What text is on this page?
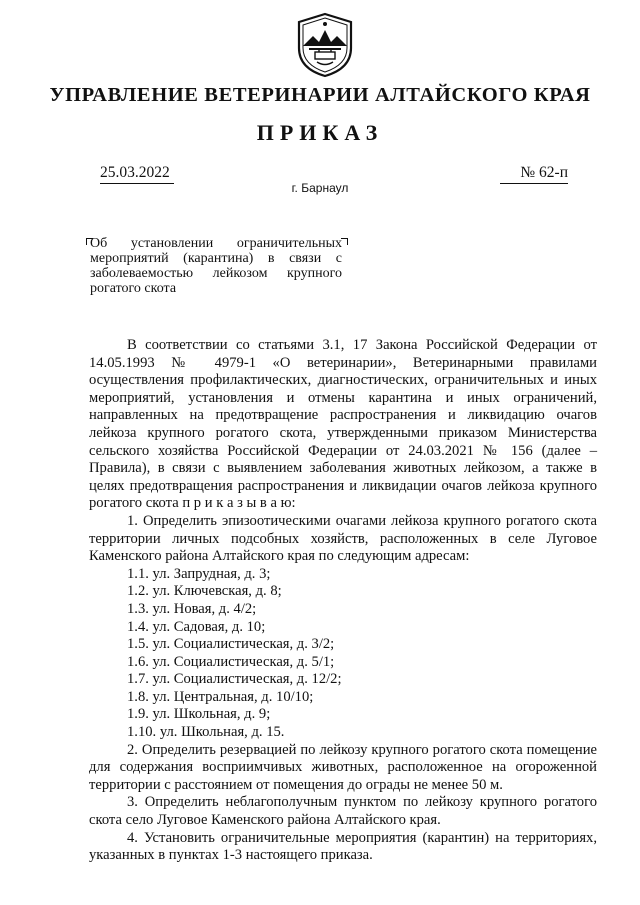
УПРАВЛЕНИЕ ВЕТЕРИНАРИИ АЛТАЙСКОГО КРАЯ
ПРИКАЗ
25.03.2022	№ 62-п
г. Барнаул
Об установлении ограничительных мероприятий (карантина) в связи с заболеваемостью лейкозом крупного рогатого скота

В соответствии со статьями 3.1, 17 Закона Российской Федерации от 14.05.1993 № 4979-1 «О ветеринарии», Ветеринарными правилами осуществления профилактических, диагностических, ограничительных и иных мероприятий, установления и отмены карантина и иных ограничений, направленных на предотвращение распространения и ликвидацию очагов лейкоза крупного рогатого скота, утвержденными приказом Министерства сельского хозяйства Российской Федерации от 24.03.2021 № 156 (далее – Правила), в связи с выявлением заболевания животных лейкозом, а также в целях предотвращения распространения и ликвидации очагов лейкоза крупного рогатого скота п р и к а з ы в а ю:

1. Определить эпизоотическими очагами лейкоза крупного рогатого скота территории личных подсобных хозяйств, расположенных в селе Луговое Каменского района Алтайского края по следующим адресам:

1.1. ул. Запрудная, д. 3;

1.2. ул. Ключевская, д. 8;

1.3. ул. Новая, д. 4/2;

1.4. ул. Садовая, д. 10;

1.5. ул. Социалистическая, д. 3/2;

1.6. ул. Социалистическая, д. 5/1;

1.7. ул. Социалистическая, д. 12/2;

1.8. ул. Центральная, д. 10/10;

1.9. ул. Школьная, д. 9;

1.10. ул. Школьная, д. 15.

2. Определить резервацией по лейкозу крупного рогатого скота помещение для содержания восприимчивых животных, расположенное на огороженной территории с расстоянием от помещения до ограды не менее 50 м.

3. Определить неблагополучным пунктом по лейкозу крупного рогатого скота село Луговое Каменского района Алтайского края.

4. Установить ограничительные мероприятия (карантин) на территориях, указанных в пунктах 1-3 настоящего приказа.
